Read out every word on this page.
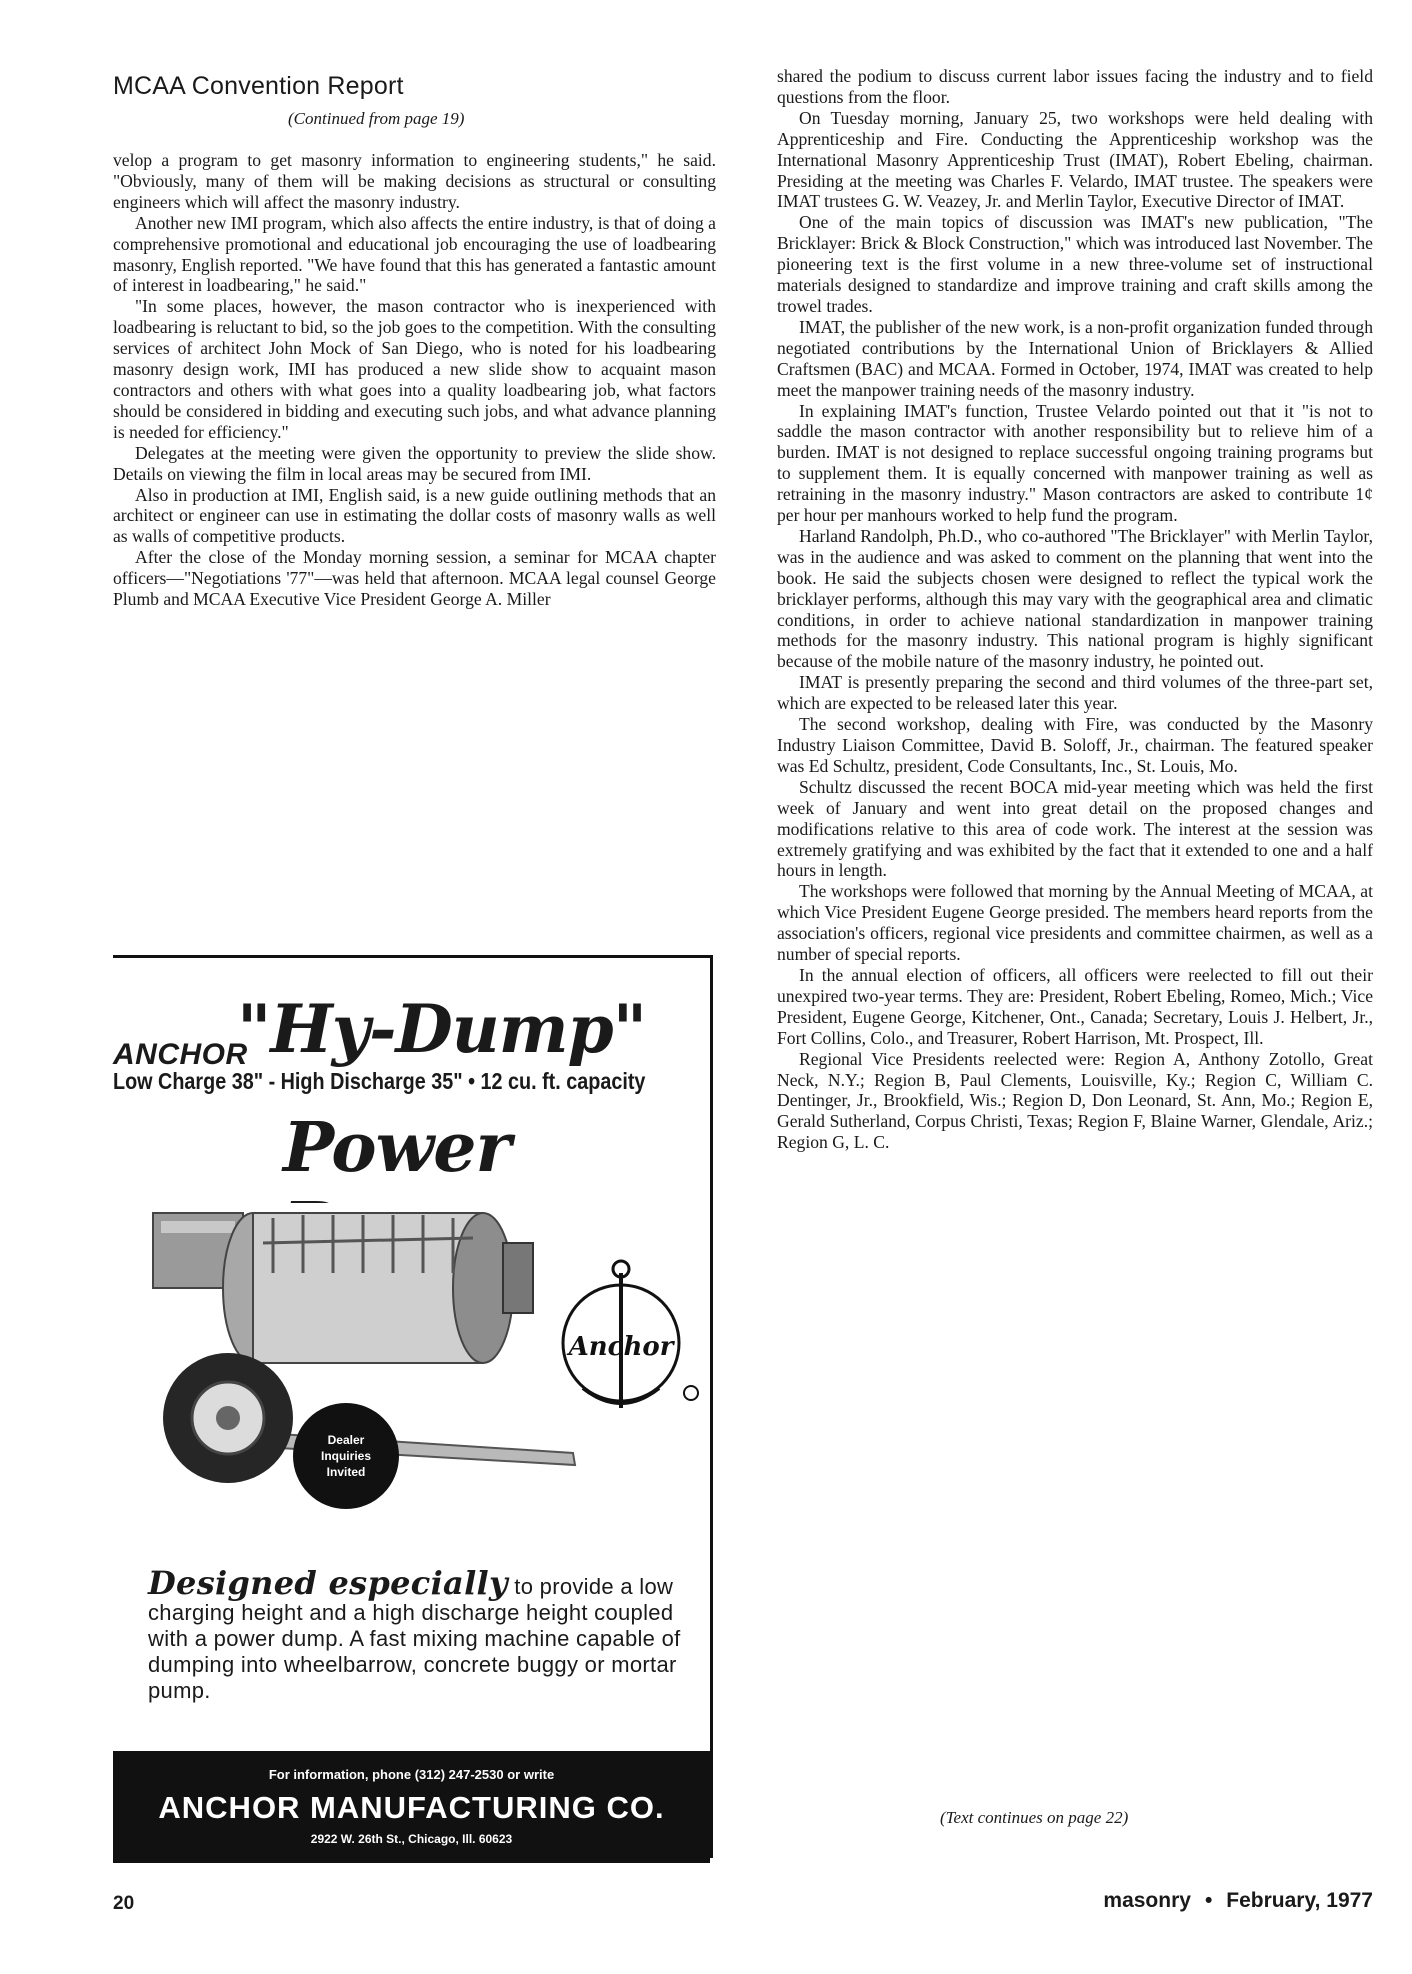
MCAA Convention Report
(Continued from page 19)

velop a program to get masonry information to engineering students," he said. "Obviously, many of them will be making decisions as structural or consulting engineers which will affect the masonry industry.

Another new IMI program, which also affects the entire industry, is that of doing a comprehensive promotional and educational job encouraging the use of loadbearing masonry, English reported. "We have found that this has generated a fantastic amount of interest in loadbearing," he said."

"In some places, however, the mason contractor who is inexperienced with loadbearing is reluctant to bid, so the job goes to the competition. With the consulting services of architect John Mock of San Diego, who is noted for his loadbearing masonry design work, IMI has produced a new slide show to acquaint mason contractors and others with what goes into a quality loadbearing job, what factors should be considered in bidding and executing such jobs, and what advance planning is needed for efficiency."

Delegates at the meeting were given the opportunity to preview the slide show. Details on viewing the film in local areas may be secured from IMI.

Also in production at IMI, English said, is a new guide outlining methods that an architect or engineer can use in estimating the dollar costs of masonry walls as well as walls of competitive products.

After the close of the Monday morning session, a seminar for MCAA chapter officers—"Negotiations '77"—was held that afternoon. MCAA legal counsel George Plumb and MCAA Executive Vice President George A. Miller

shared the podium to discuss current labor issues facing the industry and to field questions from the floor.

On Tuesday morning, January 25, two workshops were held dealing with Apprenticeship and Fire. Conducting the Apprenticeship workshop was the International Masonry Apprenticeship Trust (IMAT), Robert Ebeling, chairman. Presiding at the meeting was Charles F. Velardo, IMAT trustee. The speakers were IMAT trustees G. W. Veazey, Jr. and Merlin Taylor, Executive Director of IMAT.

One of the main topics of discussion was IMAT's new publication, "The Bricklayer: Brick & Block Construction," which was introduced last November. The pioneering text is the first volume in a new three-volume set of instructional materials designed to standardize and improve training and craft skills among the trowel trades.

IMAT, the publisher of the new work, is a non-profit organization funded through negotiated contributions by the International Union of Bricklayers & Allied Craftsmen (BAC) and MCAA. Formed in October, 1974, IMAT was created to help meet the manpower training needs of the masonry industry.

In explaining IMAT's function, Trustee Velardo pointed out that it "is not to saddle the mason contractor with another responsibility but to relieve him of a burden. IMAT is not designed to replace successful ongoing training programs but to supplement them. It is equally concerned with manpower training as well as retraining in the masonry industry." Mason contractors are asked to contribute 1¢ per hour per manhours worked to help fund the program.

Harland Randolph, Ph.D., who co-authored "The Bricklayer" with Merlin Taylor, was in the audience and was asked to comment on the planning that went into the book. He said the subjects chosen were designed to reflect the typical work the bricklayer performs, although this may vary with the geographical area and climatic conditions, in order to achieve national standardization in manpower training methods for the masonry industry. This national program is highly significant because of the mobile nature of the masonry industry, he pointed out.

IMAT is presently preparing the second and third volumes of the three-part set, which are expected to be released later this year.

The second workshop, dealing with Fire, was conducted by the Masonry Industry Liaison Committee, David B. Soloff, Jr., chairman. The featured speaker was Ed Schultz, president, Code Consultants, Inc., St. Louis, Mo.

Schultz discussed the recent BOCA mid-year meeting which was held the first week of January and went into great detail on the proposed changes and modifications relative to this area of code work. The interest at the session was extremely gratifying and was exhibited by the fact that it extended to one and a half hours in length.

The workshops were followed that morning by the Annual Meeting of MCAA, at which Vice President Eugene George presided. The members heard reports from the association's officers, regional vice presidents and committee chairmen, as well as a number of special reports.

In the annual election of officers, all officers were reelected to fill out their unexpired two-year terms. They are: President, Robert Ebeling, Romeo, Mich.; Vice President, Eugene George, Kitchener, Ont., Canada; Secretary, Louis J. Helbert, Jr., Fort Collins, Colo., and Treasurer, Robert Harrison, Mt. Prospect, Ill.

Regional Vice Presidents reelected were: Region A, Anthony Zotollo, Great Neck, N.Y.; Region B, Paul Clements, Louisville, Ky.; Region C, William C. Dentinger, Jr., Brookfield, Wis.; Region D, Don Leonard, St. Ann, Mo.; Region E, Gerald Sutherland, Corpus Christi, Texas; Region F, Blaine Warner, Glendale, Ariz.; Region G, L. C.

(Text continues on page 22)
ANCHOR
"Hy-Dump"
Low Charge 38" - High Discharge 35" • 12 cu. ft. capacity
Power
Anchor
Dealer
Inquiries
Invited
Designed especially to provide a low charging height and a high discharge height coupled with a power dump. A fast mixing machine capable of dumping into wheelbarrow, concrete buggy or mortar pump.
For information, phone (312) 247-2530 or write
ANCHOR MANUFACTURING CO.
2922 W. 26th St., Chicago, Ill. 60623
20	masonry • February, 1977
